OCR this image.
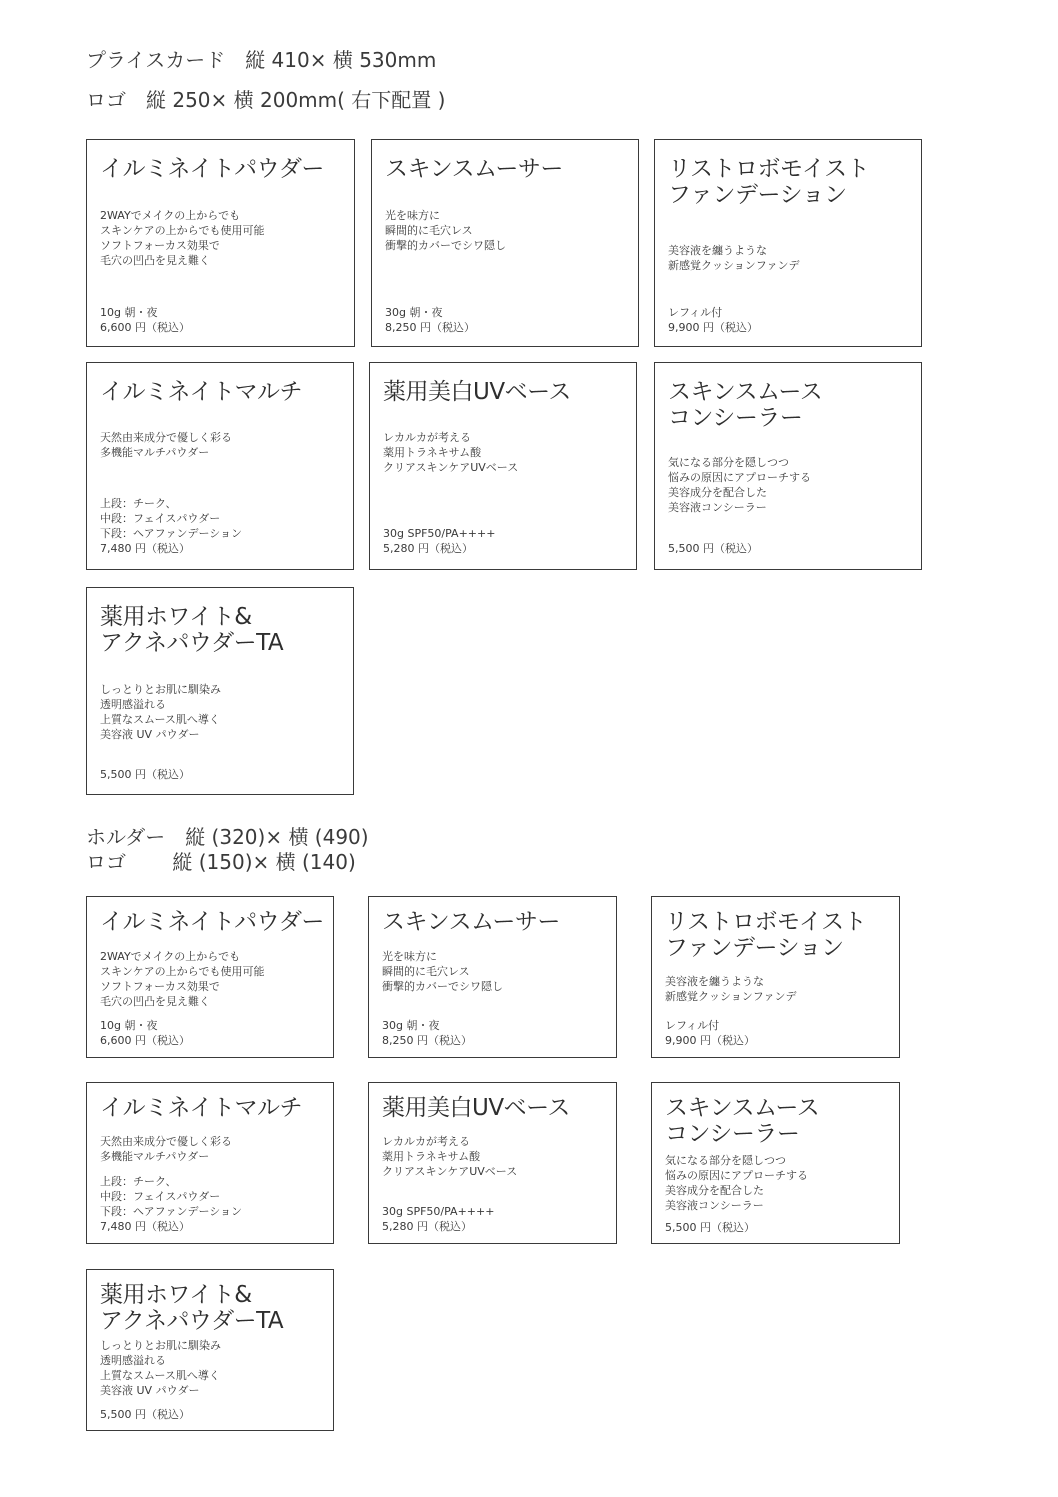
プライスカード　縦 410× 横 530mm
ロゴ　縦 250× 横 200mm( 右下配置 )
イルミネイトパウダー
2WAYでメイクの上からでも
スキンケアの上からでも使用可能
ソフトフォーカス効果で
毛穴の凹凸を見え難く
10g 朝・夜
6,600 円（税込）
スキンスムーサー
光を味方に
瞬間的に毛穴レス
衝撃的カバーでシワ隠し
30g 朝・夜
8,250 円（税込）
リストロボモイスト
ファンデーション
美容液を纏うような
新感覚クッションファンデ
レフィル付
9,900 円（税込）
イルミネイトマルチ
天然由来成分で優しく彩る
多機能マルチパウダー
上段：チーク、
中段：フェイスパウダー
下段：ヘアファンデーション
7,480 円（税込）
薬用美白UVベース
レカルカが考える
薬用トラネキサム酸
クリアスキンケアUVベース
30g SPF50/PA++++
5,280 円（税込）
スキンスムース
コンシーラー
気になる部分を隠しつつ
悩みの原因にアプローチする
美容成分を配合した
美容液コンシーラー
5,500 円（税込）
薬用ホワイト&
アクネパウダーTA
しっとりとお肌に馴染み
透明感溢れる
上質なスムース肌へ導く
美容液 UV パウダー
5,500 円（税込）
ホルダー　縦 (320)× 横 (490)
ロゴ　　 縦 (150)× 横 (140)
イルミネイトパウダー
2WAYでメイクの上からでも
スキンケアの上からでも使用可能
ソフトフォーカス効果で
毛穴の凹凸を見え難く
10g 朝・夜
6,600 円（税込）
スキンスムーサー
光を味方に
瞬間的に毛穴レス
衝撃的カバーでシワ隠し
30g 朝・夜
8,250 円（税込）
リストロボモイスト
ファンデーション
美容液を纏うような
新感覚クッションファンデ
レフィル付
9,900 円（税込）
イルミネイトマルチ
天然由来成分で優しく彩る
多機能マルチパウダー
上段：チーク、
中段：フェイスパウダー
下段：ヘアファンデーション
7,480 円（税込）
薬用美白UVベース
レカルカが考える
薬用トラネキサム酸
クリアスキンケアUVベース
30g SPF50/PA++++
5,280 円（税込）
スキンスムース
コンシーラー
気になる部分を隠しつつ
悩みの原因にアプローチする
美容成分を配合した
美容液コンシーラー
5,500 円（税込）
薬用ホワイト&
アクネパウダーTA
しっとりとお肌に馴染み
透明感溢れる
上質なスムース肌へ導く
美容液 UV パウダー
5,500 円（税込）
